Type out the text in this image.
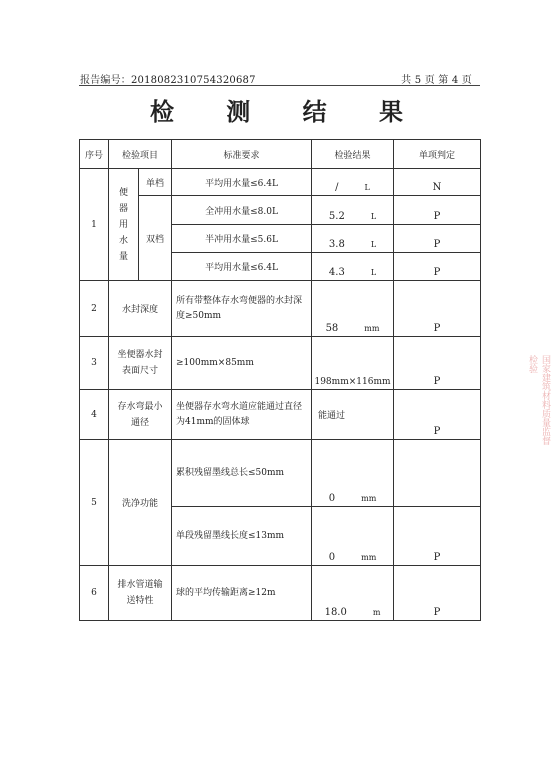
报告编号：2018082310754320687	共 5 页 第 4 页
检 测 结 果
序号	检验项目		标准要求	检验结果	单项判定
1	便器用水量	单档	平均用水量≤6.4L	/ L	N
		双档	全冲用水量≤8.0L	5.2 L	P
			半冲用水量≤5.6L	3.8 L	P
			平均用水量≤6.4L	4.3 L	P
2	水封深度		所有带整体存水弯便器的水封深度≥50mm	58 mm	P
3	坐便器水封表面尺寸		≥100mm×85mm	198mm×116mm	P
4	存水弯最小通径		坐便器存水弯水道应能通过直径为41mm的固体球	能通过	P
5	洗净功能		累积残留墨线总长≤50mm	0 mm	
			单段残留墨线长度≤13mm	0 mm	P
6	排水管道输送特性		球的平均传输距离≥12m	18.0 m	P
国家建筑材料质量监督检验
